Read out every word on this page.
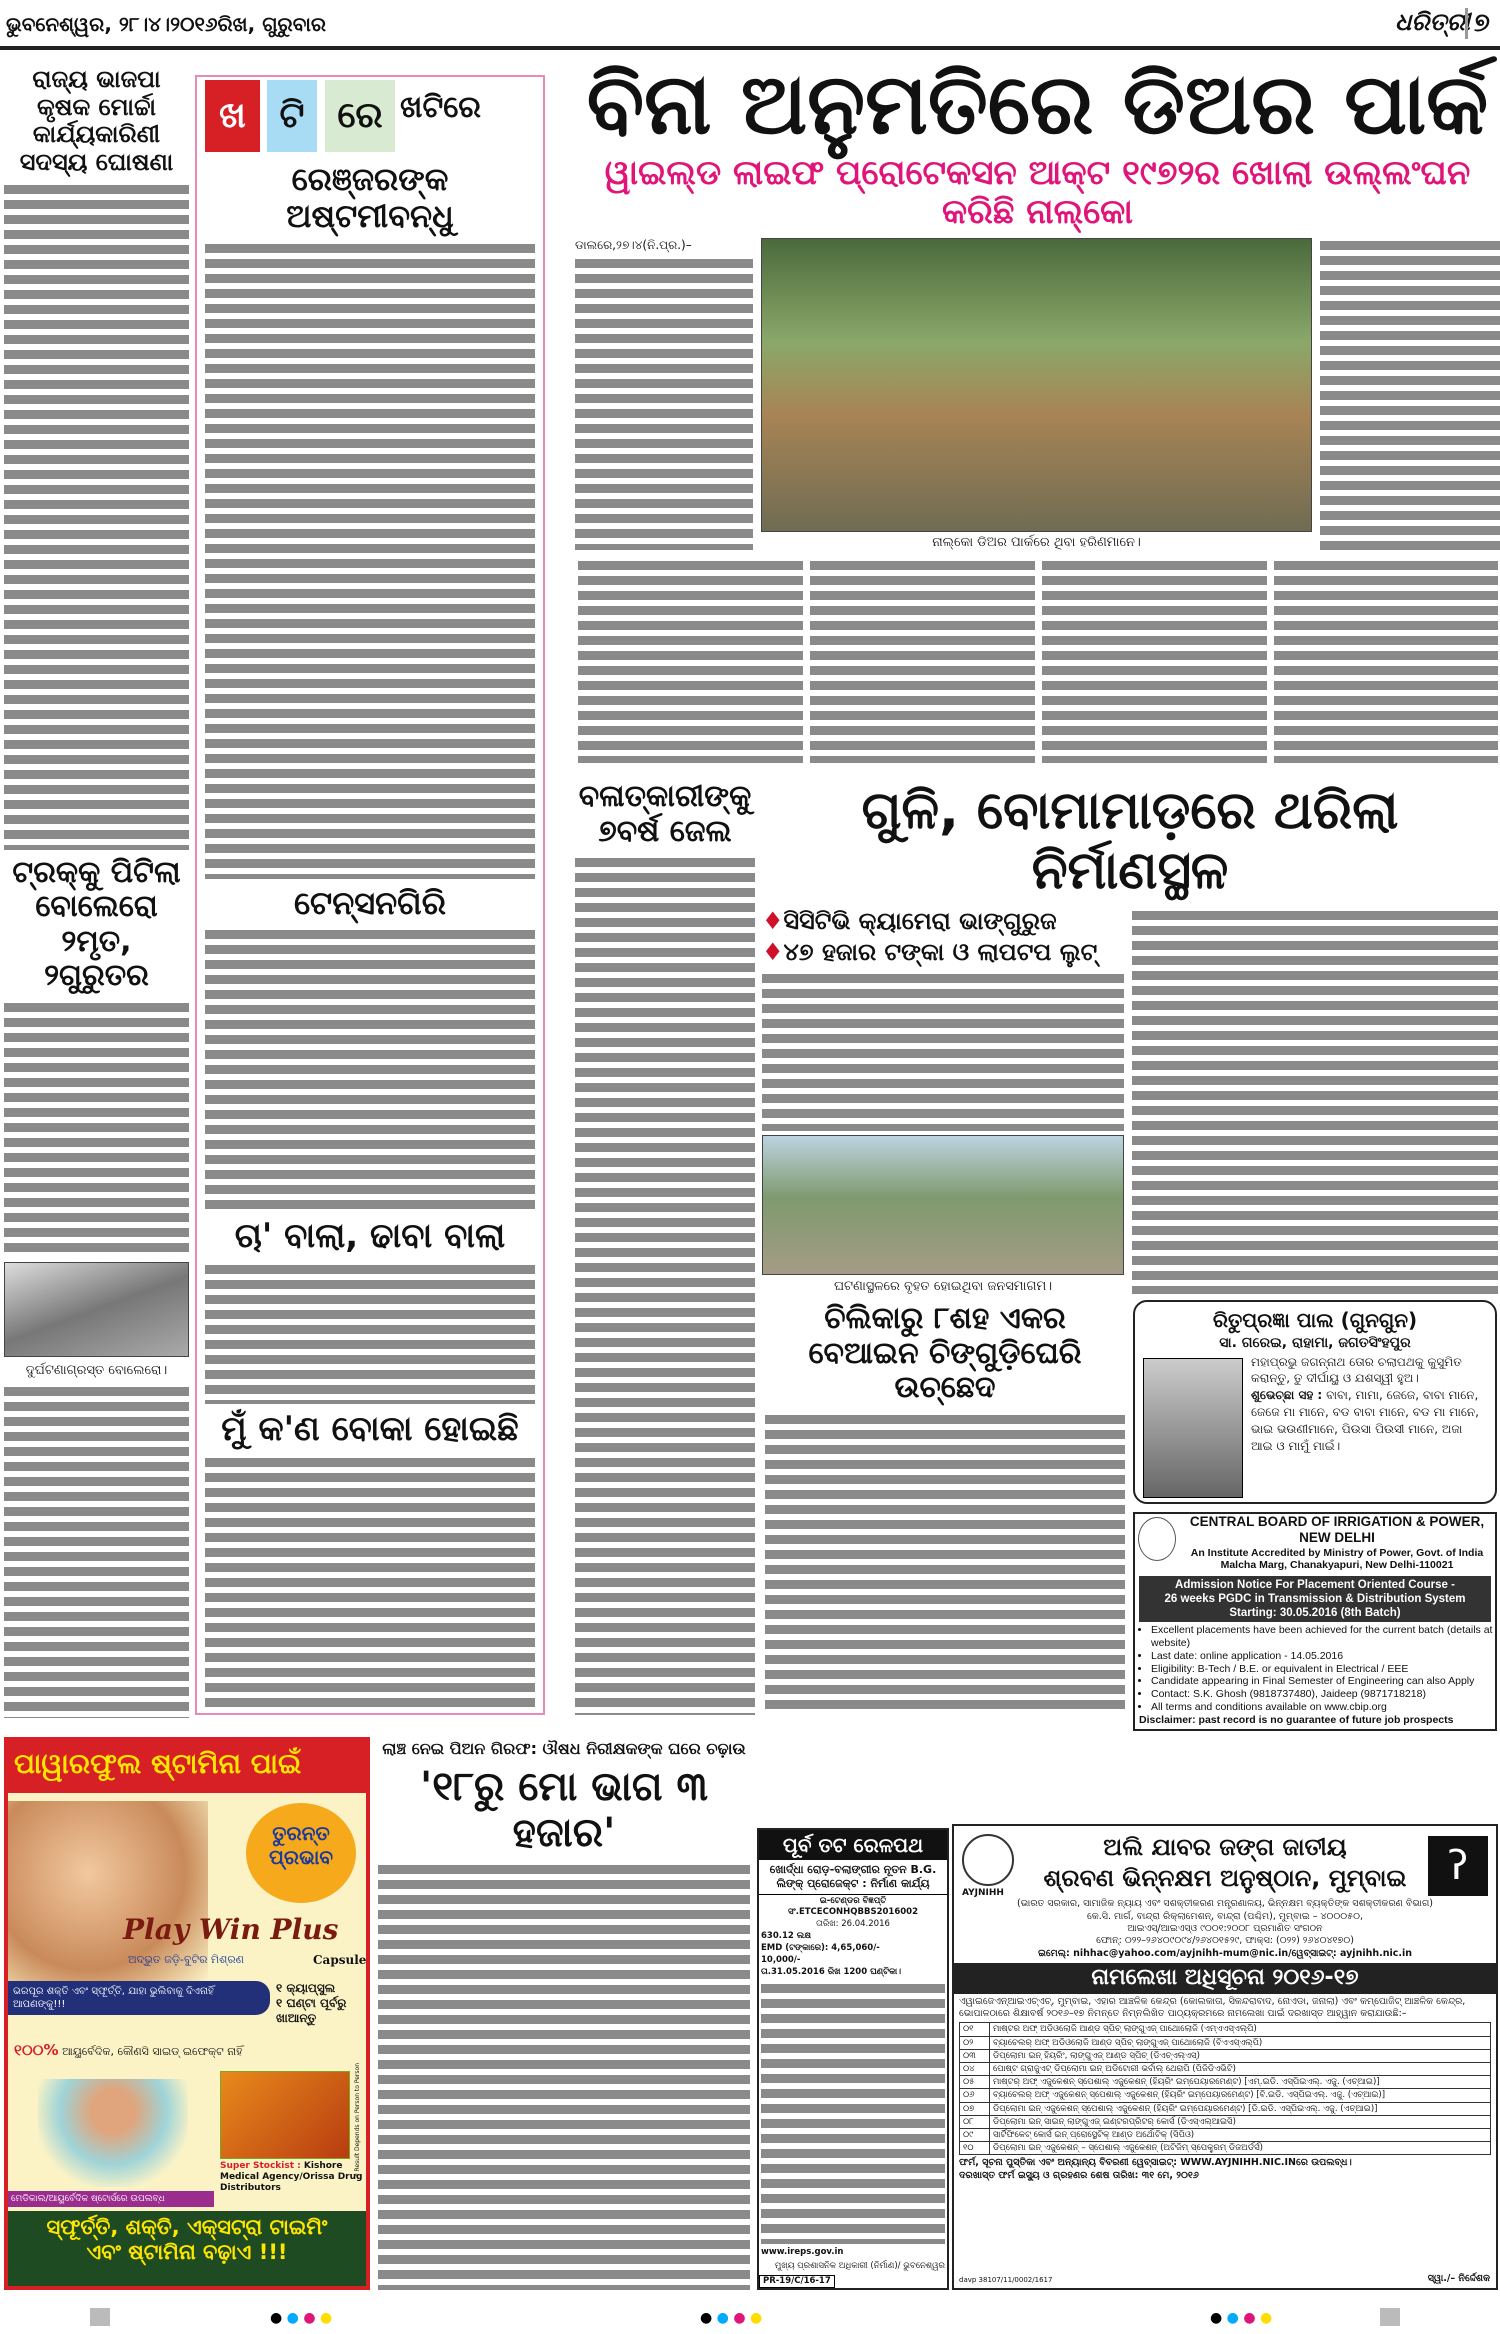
ଭୁବନେଶ୍ୱର, ୨୮।୪।୨୦୧୬ରିଖ, ଗୁରୁବାର	ଧରିତ୍ରୀ ୭
ରାଜ୍ୟ ଭାଜପା କୃଷକ ମୋର୍ଚ୍ଚା କାର୍ଯ୍ୟକାରିଣୀ ସଦସ୍ୟ ଘୋଷଣା
ଟ୍ରକ୍‌କୁ ପିଟିଲା ବୋଲେରୋ ୨ମୃତ, ୨ଗୁରୁତର
ଦୁର୍ଘଟଣାଗ୍ରସ୍ତ ବୋଲେରୋ।
ଖ ଟି ରେ ଖଟିରେ
ରେଞ୍ଜରଙ୍କ ଅଷ୍ଟମୀବନ୍ଧୁ
ଟେନ୍ସନଗିରି
ଚା' ବାଲା, ଢାବା ବାଲା
ମୁଁ କ'ଣ ବୋକା ହୋଇଛି
ବିନା ଅନୁମତିରେ ଡିଅର ପାର୍କ
ୱାଇଲ୍ଡ ଲାଇଫ ପ୍ରୋଟେକସନ ଆକ୍ଟ ୧୯୭୨ର ଖୋଲା ଉଲ୍ଲଂଘନ କରିଛି ନାଲ୍‌କୋ
ଡାଲରେ,୨୭।୪(ନି.ପ୍ର.)–
ନାଲ୍‌କୋ ଡିଅର ପାର୍କରେ ଥିବା ହରିଣମାନେ।
ବଳାତ୍କାରୀଙ୍କୁ ୭ବର୍ଷ ଜେଲ	ଗୁଳି, ବୋମାମାଡ଼ରେ ଥରିଲା ନିର୍ମାଣସ୍ଥଳ
♦ସିସିଟିଭି କ୍ୟାମେରା ଭାଙ୍ଗୁରୁଜ
♦୪୭ ହଜାର ଟଙ୍କା ଓ ଲାପଟପ ଲୁଟ୍
ଘଟଣାସ୍ଥଳରେ ବୃହତ ହୋଇଥିବା ଜନସମାଗମ।
ଚିଲିକାରୁ ୮ଶହ ଏକର ବେଆଇନ ଚିଙ୍ଗୁଡ଼ିଘେରି ଉଚ୍ଛେଦ
ରିତୁପ୍ରଜ୍ଞା ପାଲ (ଗୁନଗୁନ)
ସା. ଗରେଇ, ରାହାମା, ଜଗତସିଂହପୁର
ମହାପ୍ରଭୁ ଜଗନ୍ନାଥ ତୋର ଚଲାପଥକୁ କୁସୁମିତ କରାନ୍ତୁ, ତୁ ଦୀର୍ଘାୟୁ ଓ ଯଶସ୍ୱୀ ହୁଅ।
ଶୁଭେଚ୍ଛା ସହ : ବାବା, ମାମା, ଜେଜେ, ବାବା ମାନେ, ଜେଜେ ମା ମାନେ, ବଡ ବାବା ମାନେ, ବଡ ମା ମାନେ, ଭାଇ ଭଉଣୀମାନେ, ପିଉସା ପିଉସୀ ମାନେ, ଅଜା ଆଇ ଓ ମାମୁଁ ମାଇଁ।
CENTRAL BOARD OF IRRIGATION & POWER, NEW DELHI
An Institute Accredited by Ministry of Power, Govt. of India
Malcha Marg, Chanakyapuri, New Delhi-110021
Admission Notice For Placement Oriented Course -
26 weeks PGDC in Transmission & Distribution System
Starting: 30.05.2016 (8th Batch)
• Excellent placements have been achieved for the current batch (details at website)
• Last date: online application - 14.05.2016
• Eligibility: B-Tech / B.E. or equivalent in Electrical / EEE
• Candidate appearing in Final Semester of Engineering can also Apply
• Contact: S.K. Ghosh (9818737480), Jaideep (9871718218)
• All terms and conditions available on www.cbip.org
Disclaimer: past record is no guarantee of future job prospects
ପାୱାରଫୁଲ ଷ୍ଟାମିନା ପାଇଁ
ତୁରନ୍ତ ପ୍ରଭାବ
Play Win Plus
ଅଦ୍ଭୁତ ଜଡ଼ି-ବୁଟିର ମିଶ୍ରଣ	Capsule
ଭରପୂର ଶକ୍ତି ଏବଂ ସ୍ଫୂର୍ତ୍ତି, ଯାହା ଭୁଲିବାକୁ ଦିଏନାହିଁ ଆପଣଙ୍କୁ!!!
୧ କ୍ୟାପ୍‌ସୁଲ
୧ ଘଣ୍ଟା ପୂର୍ବରୁ ଖାଆନ୍ତୁ
୧୦୦% ଆୟୁର୍ବେଦିକ, କୌଣସି ସାଇଡ୍ ଇଫେକ୍ଟ ନାହିଁ
* Result Depends on Person to Person
Super Stockist : Kishore Medical Agency/Orissa Drug Distributors
ମେଡିକାଲ/ଆୟୁର୍ବେଦିକ ଷ୍ଟୋର୍ସରେ ଉପଲବ୍ଧ
ସ୍ଫୂର୍ତ୍ତି, ଶକ୍ତି, ଏକ୍ସଟ୍ରା ଟାଇମିଂ
ଏବଂ ଷ୍ଟାମିନା ବଢ଼ାଏ !!!
ଲାଞ୍ଚ ନେଇ ପିଅନ ଗିରଫ: ଔଷଧ ନିରୀକ୍ଷକଙ୍କ ଘରେ ଚଢ଼ାଉ
'୧୮ରୁ ମୋ ଭାଗ ୩ ହଜାର'	ପୂର୍ବ ତଟ ରେଳପଥ
ଖୋର୍ଦ୍ଧା ରୋଡ଼-ବଲାଙ୍ଗୀର ନୂତନ B.G. ଲିଙ୍କ୍ ପ୍ରୋଜେକ୍ଟ : ନିର୍ମାଣ କାର୍ଯ୍ୟ
ଇ-ଟେଣ୍ଡର ବିଜ୍ଞପ୍ତି ସଂ.ETCECONHQBBS2016002
ତାରିଖ: 26.04.2016
630.12 ଲକ୍ଷ
EMD (ଟଙ୍କାରେ): 4,65,060/-
10,000/-
ତା.31.05.2016 ରିଖ 1200 ଘଣ୍ଟିକା।
www.ireps.gov.in
ମୁଖ୍ୟ ପ୍ରଶାସନିକ ଅଧିକାରୀ (ନିର୍ମାଣ)/ ଭୁବନେଶ୍ୱର
PR-19/C/16-17
AYJNIHH
ʔ
ଅଲି ଯାବର ଜଙ୍ଗ ଜାତୀୟ
ଶ୍ରବଣ ଭିନ୍ନକ୍ଷମ ଅନୁଷ୍ଠାନ, ମୁମ୍ବାଇ
(ଭାରତ ସରକାର, ସାମାଜିକ ନ୍ୟାୟ ଏବଂ ସଶକ୍ତୀକରଣ ମନ୍ତ୍ରଣାଳୟ, ଭିନ୍ନକ୍ଷମ ବ୍ୟକ୍ତିଙ୍କ ସଶକ୍ତୀକରଣ ବିଭାଗ)
କେ.ସି. ମାର୍ଗ, ବାନ୍ଦ୍ରା ରିକ୍ଲାମେଶନ୍, ବାନ୍ଦ୍ରା (ପଶ୍ଚିମ), ମୁମ୍ବାଇ – ୪୦୦୦୫୦,
ଆଇଏସ୍/ଆଇଏସ୍‌ଓ ୯୦୦୧:୨୦୦୮ ପ୍ରମାଣିତ ସଂଗଠନ
ଫୋନ୍: ୦୨୨–୨୬୪୦୯୦୯୪/୨୬୪୦୧୫୨୯, ଫାକ୍ସ: (୦୨୨) ୨୬୪୦୪୧୭୦)
ଇମେଲ୍: nihhac@yahoo.com/ayjnihh-mum@nic.in/ୱେବ୍‌ସାଇଟ୍: ayjnihh.nic.in
ନାମଲେଖା ଅଧିସୂଚନା ୨୦୧୬-୧୭
ଏୱାଇଜେଏନ୍‌ଆଇଏଚ୍‌ଏଚ୍, ମୁମ୍ବାଇ, ଏହାର ଆଞ୍ଚଳିକ କେନ୍ଦ୍ର (କୋଲକାତା, ସିକନ୍ଦରାବାଦ, ନୋଏଡା, ଜନାଲା) ଏବଂ କମ୍ପୋଜିଟ୍ ଆଞ୍ଚଳିକ କେନ୍ଦ୍ର, ଭୋପାଳଠାରେ ଶିକ୍ଷାବର୍ଷ ୨୦୧୬–୧୭ ନିମନ୍ତେ ନିମ୍ନଲିଖିତ ପାଠ୍ୟକ୍ରମରେ ନାମଲେଖା ପାଇଁ ଦରଖାସ୍ତ ଆହ୍ୱାନ କରାଯାଉଛି:–
୦୧	ମାଷ୍ଟର ଅଫ୍ ଅଡିଓଲୋଜି ଆଣ୍ଡ ସ୍ପିଚ୍ ଲାଙ୍ଗୁଏଜ୍ ପାଥୋଲୋଜି (ଏମ୍‌ଏଏସ୍‌ଏଲ୍‌ପି)
୦୨	ବ୍ୟାଚେଲର୍ ଅଫ୍ ଅଡିଓଲୋଜି ଆଣ୍ଡ ସ୍ପିଚ୍ ଲାଙ୍ଗୁଏଜ୍ ପାଥୋଲୋଜି (ବିଏଏସ୍‌ଏଲ୍‌ପି)
୦୩	ଡିପ୍ଲୋମା ଇନ୍ ହିୟରିଂ, ଲାଙ୍ଗୁଏଜ୍ ଆଣ୍ଡ ସ୍ପିଚ୍ (ଡିଏଚ୍‌ଏଲ୍‌ଏସ୍)
୦୪	ପୋଷ୍ଟ ଗ୍ରାଜୁଏଟ୍ ଡିପ୍ଲୋମା ଇନ୍ ଅଡିଟୋରୀ ଭର୍ବାଲ୍ ଥେରାପି (ପିଜିଡିଏଭିଟି)
୦୫	ମାଷ୍ଟର୍ ଅଫ୍ ଏଜୁକେଶନ୍ ସ୍ପେଶାଲ୍ ଏଜୁକେଶନ୍ (ହିୟରିଂ ଇମ୍ପେୟାରମେଣ୍ଟ) [ଏମ୍.ଇଡି. ଏସ୍‌ପିଇଏଲ୍. ଏଜୁ. (ଏଚ୍‌ଆଇ)]
୦୬	ବ୍ୟାଚେଲର୍ ଅଫ୍ ଏଜୁକେଶନ୍ ସ୍ପେଶାଲ୍ ଏଜୁକେଶନ୍ (ହିୟରିଂ ଇମ୍ପେୟାରମେଣ୍ଟ) [ବି.ଇଡି. ଏସ୍‌ପିଇଏଲ୍. ଏଜୁ. (ଏଚ୍‌ଆଇ)]
୦୭	ଡିପ୍ଲୋମା ଇନ୍ ଏଜୁକେଶନ୍ ସ୍ପେଶାଲ୍ ଏଜୁକେଶନ୍ (ହିୟରିଂ ଇମ୍ପେୟାରମେଣ୍ଟ) [ଡି.ଇଡି. ଏସ୍‌ପିଇଏଲ୍. ଏଜୁ. (ଏଚ୍‌ଆଇ)]
୦୮	ଡିପ୍ଲୋମା ଇନ୍ ସାଇନ୍ ଲାଙ୍ଗୁଏଜ୍ ଇଣ୍ଟରପ୍ରିଟର୍ କୋର୍ସ (ଡିଏସ୍‌ଏଲ୍‌ଆଇସି)
୦୯	ସାର୍ଟିଫିକେଟ୍ କୋର୍ସ ଇନ୍ ପ୍ରୋସ୍ଥେଟିକ୍ ଆଣ୍ଡ ଅର୍ଥୋଟିକ୍ (ସିପିଓ)
୧୦	ଡିପ୍ଲୋମା ଇନ୍ ଏଜୁକେଶନ୍ – ସ୍ପେଶାଲ୍ ଏଜୁକେଶନ୍ (ଅଟିଜିମ୍ ସ୍ପେକ୍ଟ୍ରମ୍ ଡିଜଅର୍ଡର୍ସ)
ଫର୍ମ, ସୂଚନା ପୁସ୍ତିକା ଏବଂ ଅନ୍ୟାନ୍ୟ ବିବରଣୀ ୱେବ୍‌ସାଇଟ୍: WWW.AYJNIHH.NIC.INରେ ଉପଲବ୍ଧ।
ଦରଖାସ୍ତ ଫର୍ମ ଇସ୍ୟୁ ଓ ଗ୍ରହଣର ଶେଷ ତାରିଖ: ୩୧ ମେ, ୨୦୧୬
davp 38107/11/0002/1617	ସ୍ୱା./– ନିର୍ଦ୍ଦେଶକ
● ● ● ●	● ● ● ●	● ● ● ●
